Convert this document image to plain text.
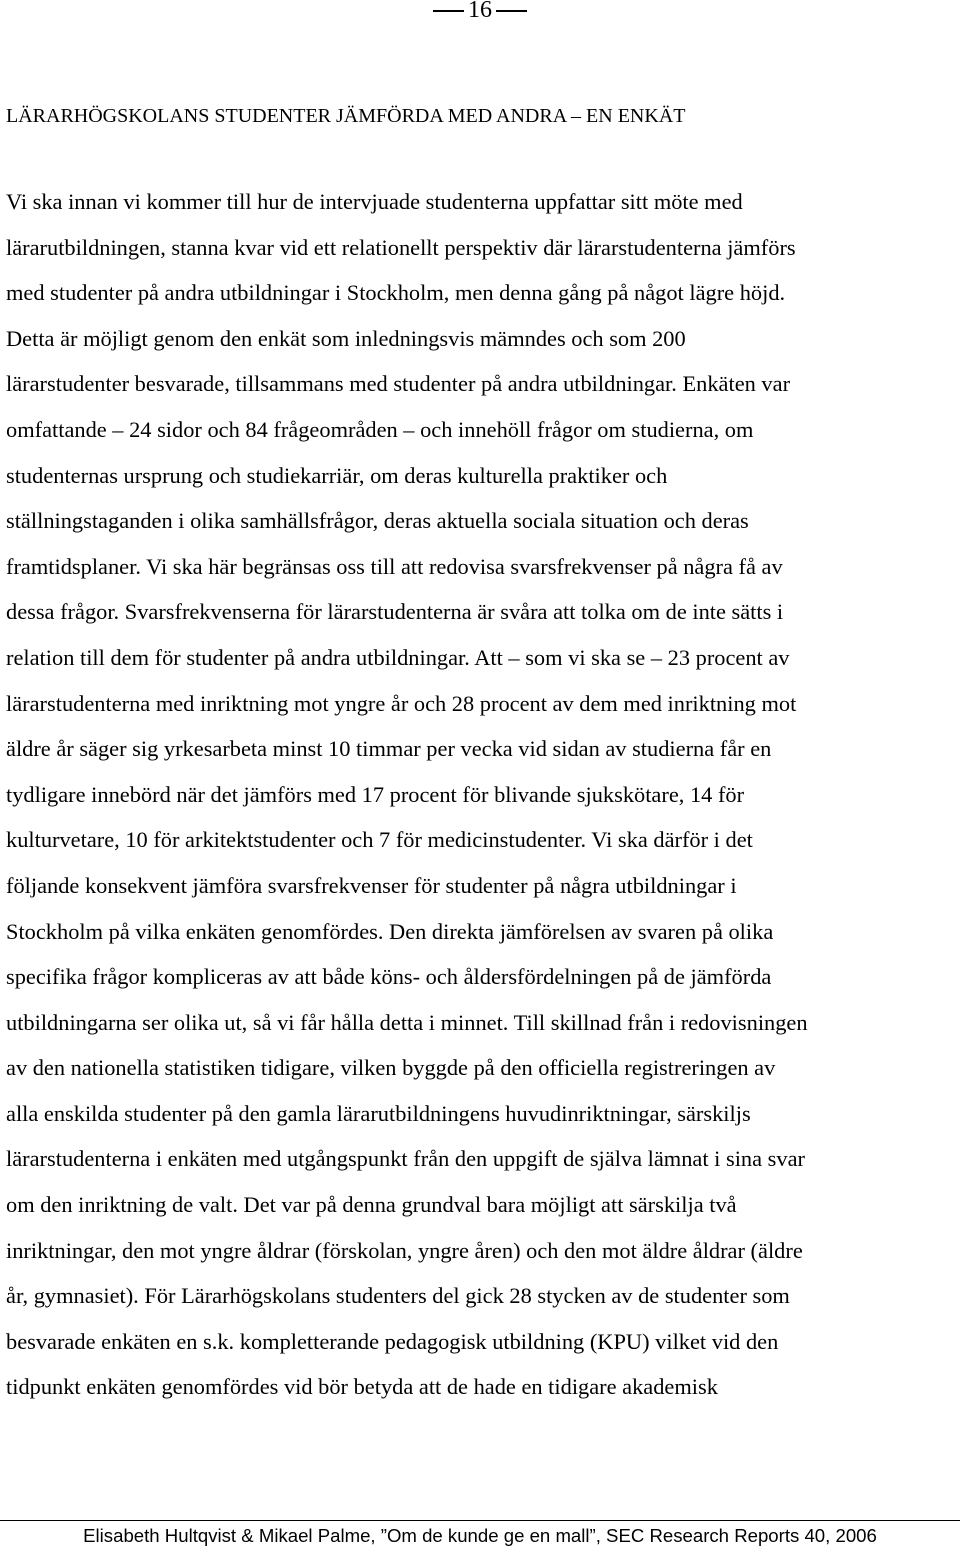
16
LÄRARHÖGSKOLANS STUDENTER JÄMFÖRDA MED ANDRA – EN ENKÄT
Vi ska innan vi kommer till hur de intervjuade studenterna uppfattar sitt möte med
lärarutbildningen, stanna kvar vid ett relationellt perspektiv där lärarstudenterna jämförs
med studenter på andra utbildningar i Stockholm, men denna gång på något lägre höjd.
Detta är möjligt genom den enkät som inledningsvis mämndes och som 200
lärarstudenter besvarade, tillsammans med studenter på andra utbildningar. Enkäten var
omfattande – 24 sidor och 84 frågeområden – och innehöll frågor om studierna, om
studenternas ursprung och studiekarriär, om deras kulturella praktiker och
ställningstaganden i olika samhällsfrågor, deras aktuella sociala situation och deras
framtidsplaner. Vi ska här begränsas oss till att redovisa svarsfrekvenser på några få av
dessa frågor. Svarsfrekvenserna för lärarstudenterna är svåra att tolka om de inte sätts i
relation till dem för studenter på andra utbildningar. Att – som vi ska se – 23 procent av
lärarstudenterna med inriktning mot yngre år och 28 procent av dem med inriktning mot
äldre år säger sig yrkesarbeta minst 10 timmar per vecka vid sidan av studierna får en
tydligare innebörd när det jämförs med 17 procent för blivande sjukskötare, 14 för
kulturvetare, 10 för arkitektstudenter och 7 för medicinstudenter. Vi ska därför i det
följande konsekvent jämföra svarsfrekvenser för studenter på några utbildningar i
Stockholm på vilka enkäten genomfördes. Den direkta jämförelsen av svaren på olika
specifika frågor kompliceras av att både köns- och åldersfördelningen på de jämförda
utbildningarna ser olika ut, så vi får hålla detta i minnet. Till skillnad från i redovisningen
av den nationella statistiken tidigare, vilken byggde på den officiella registreringen av
alla enskilda studenter på den gamla lärarutbildningens huvudinriktningar, särskiljs
lärarstudenterna i enkäten med utgångspunkt från den uppgift de själva lämnat i sina svar
om den inriktning de valt. Det var på denna grundval bara möjligt att särskilja två
inriktningar, den mot yngre åldrar (förskolan, yngre åren) och den mot äldre åldrar (äldre
år, gymnasiet). För Lärarhögskolans studenters del gick 28 stycken av de studenter som
besvarade enkäten en s.k. kompletterande pedagogisk utbildning (KPU) vilket vid den
tidpunkt enkäten genomfördes vid bör betyda att de hade en tidigare akademisk
Elisabeth Hultqvist & Mikael Palme, ”Om de kunde ge en mall”, SEC Research Reports 40, 2006
